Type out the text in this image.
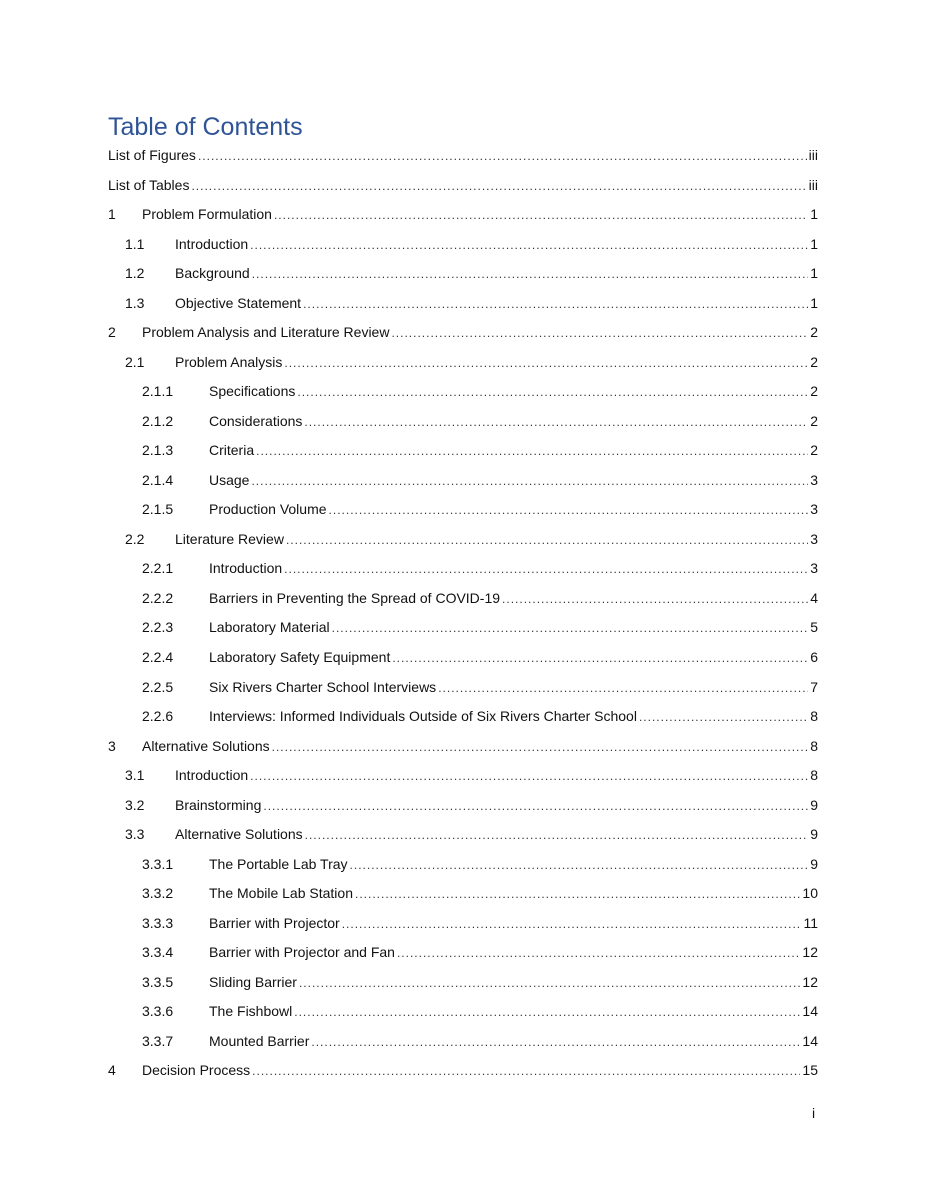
Table of Contents
List of Figures .....	iii
List of Tables .....	iii
1	Problem Formulation .....	1
1.1	Introduction .....	1
1.2	Background .....	1
1.3	Objective Statement .....	1
2	Problem Analysis and Literature Review .....	2
2.1	Problem Analysis .....	2
2.1.1	Specifications .....	2
2.1.2	Considerations .....	2
2.1.3	Criteria .....	2
2.1.4	Usage .....	3
2.1.5	Production Volume .....	3
2.2	Literature Review .....	3
2.2.1	Introduction .....	3
2.2.2	Barriers in Preventing the Spread of COVID-19 .....	4
2.2.3	Laboratory Material .....	5
2.2.4	Laboratory Safety Equipment .....	6
2.2.5	Six Rivers Charter School Interviews .....	7
2.2.6	Interviews: Informed Individuals Outside of Six Rivers Charter School .....	8
3	Alternative Solutions .....	8
3.1	Introduction .....	8
3.2	Brainstorming .....	9
3.3	Alternative Solutions .....	9
3.3.1	The Portable Lab Tray .....	9
3.3.2	The Mobile Lab Station .....	10
3.3.3	Barrier with Projector .....	11
3.3.4	Barrier with Projector and Fan .....	12
3.3.5	Sliding Barrier .....	12
3.3.6	The Fishbowl .....	14
3.3.7	Mounted Barrier .....	14
4	Decision Process .....	15
i
